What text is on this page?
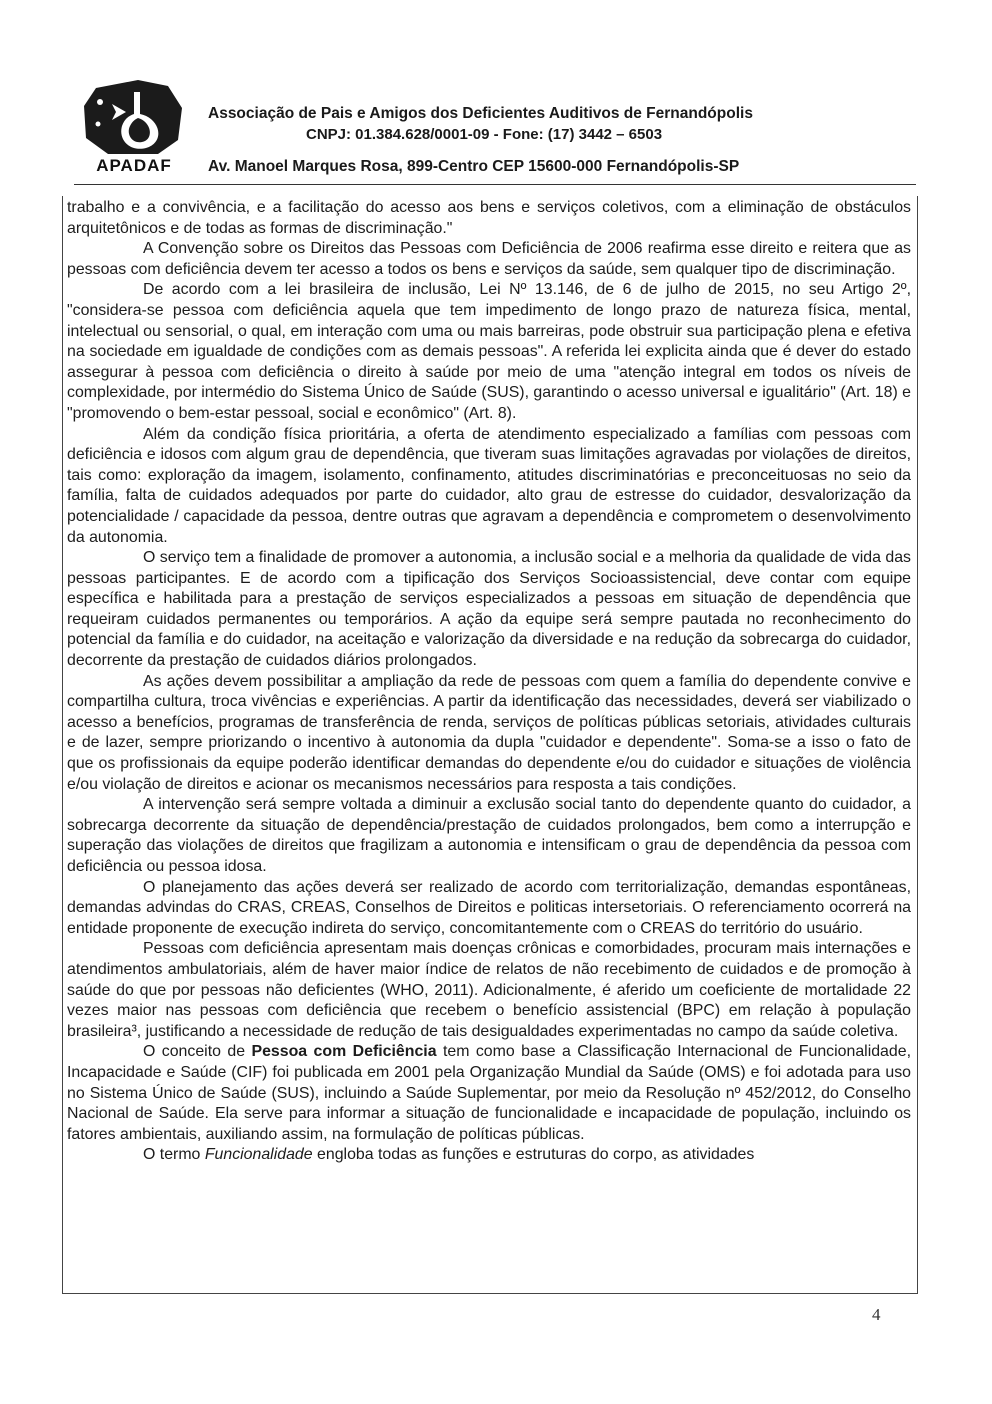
APADAF
Associação de Pais e Amigos dos Deficientes Auditivos de Fernandópolis
CNPJ: 01.384.628/0001-09 - Fone: (17) 3442 – 6503
Av. Manoel Marques Rosa, 899-Centro CEP 15600-000 Fernandópolis-SP

trabalho e a convivência, e a facilitação do acesso aos bens e serviços coletivos, com a eliminação de obstáculos arquitetônicos e de todas as formas de discriminação."

A Convenção sobre os Direitos das Pessoas com Deficiência de 2006 reafirma esse direito e reitera que as pessoas com deficiência devem ter acesso a todos os bens e serviços da saúde, sem qualquer tipo de discriminação.

De acordo com a lei brasileira de inclusão, Lei Nº 13.146, de 6 de julho de 2015, no seu Artigo 2º, "considera-se pessoa com deficiência aquela que tem impedimento de longo prazo de natureza física, mental, intelectual ou sensorial, o qual, em interação com uma ou mais barreiras, pode obstruir sua participação plena e efetiva na sociedade em igualdade de condições com as demais pessoas". A referida lei explicita ainda que é dever do estado assegurar à pessoa com deficiência o direito à saúde por meio de uma "atenção integral em todos os níveis de complexidade, por intermédio do Sistema Único de Saúde (SUS), garantindo o acesso universal e igualitário" (Art. 18) e "promovendo o bem-estar pessoal, social e econômico" (Art. 8).

Além da condição física prioritária, a oferta de atendimento especializado a famílias com pessoas com deficiência e idosos com algum grau de dependência, que tiveram suas limitações agravadas por violações de direitos, tais como: exploração da imagem, isolamento, confinamento, atitudes discriminatórias e preconceituosas no seio da família, falta de cuidados adequados por parte do cuidador, alto grau de estresse do cuidador, desvalorização da potencialidade / capacidade da pessoa, dentre outras que agravam a dependência e comprometem o desenvolvimento da autonomia.

O serviço tem a finalidade de promover a autonomia, a inclusão social e a melhoria da qualidade de vida das pessoas participantes. E de acordo com a tipificação dos Serviços Socioassistencial, deve contar com equipe específica e habilitada para a prestação de serviços especializados a pessoas em situação de dependência que requeiram cuidados permanentes ou temporários. A ação da equipe será sempre pautada no reconhecimento do potencial da família e do cuidador, na aceitação e valorização da diversidade e na redução da sobrecarga do cuidador, decorrente da prestação de cuidados diários prolongados.

As ações devem possibilitar a ampliação da rede de pessoas com quem a família do dependente convive e compartilha cultura, troca vivências e experiências. A partir da identificação das necessidades, deverá ser viabilizado o acesso a benefícios, programas de transferência de renda, serviços de políticas públicas setoriais, atividades culturais e de lazer, sempre priorizando o incentivo à autonomia da dupla "cuidador e dependente". Soma-se a isso o fato de que os profissionais da equipe poderão identificar demandas do dependente e/ou do cuidador e situações de violência e/ou violação de direitos e acionar os mecanismos necessários para resposta a tais condições.

A intervenção será sempre voltada a diminuir a exclusão social tanto do dependente quanto do cuidador, a sobrecarga decorrente da situação de dependência/prestação de cuidados prolongados, bem como a interrupção e superação das violações de direitos que fragilizam a autonomia e intensificam o grau de dependência da pessoa com deficiência ou pessoa idosa.

O planejamento das ações deverá ser realizado de acordo com territorialização, demandas espontâneas, demandas advindas do CRAS, CREAS, Conselhos de Direitos e politicas intersetoriais. O referenciamento ocorrerá na entidade proponente de execução indireta do serviço, concomitantemente com o CREAS do território do usuário.

Pessoas com deficiência apresentam mais doenças crônicas e comorbidades, procuram mais internações e atendimentos ambulatoriais, além de haver maior índice de relatos de não recebimento de cuidados e de promoção à saúde do que por pessoas não deficientes (WHO, 2011). Adicionalmente, é aferido um coeficiente de mortalidade 22 vezes maior nas pessoas com deficiência que recebem o benefício assistencial (BPC) em relação à população brasileira³, justificando a necessidade de redução de tais desigualdades experimentadas no campo da saúde coletiva.

O conceito de Pessoa com Deficiência tem como base a Classificação Internacional de Funcionalidade, Incapacidade e Saúde (CIF) foi publicada em 2001 pela Organização Mundial da Saúde (OMS) e foi adotada para uso no Sistema Único de Saúde (SUS), incluindo a Saúde Suplementar, por meio da Resolução nº 452/2012, do Conselho Nacional de Saúde. Ela serve para informar a situação de funcionalidade e incapacidade de população, incluindo os fatores ambientais, auxiliando assim, na formulação de políticas públicas.

O termo Funcionalidade engloba todas as funções e estruturas do corpo, as atividades

4
